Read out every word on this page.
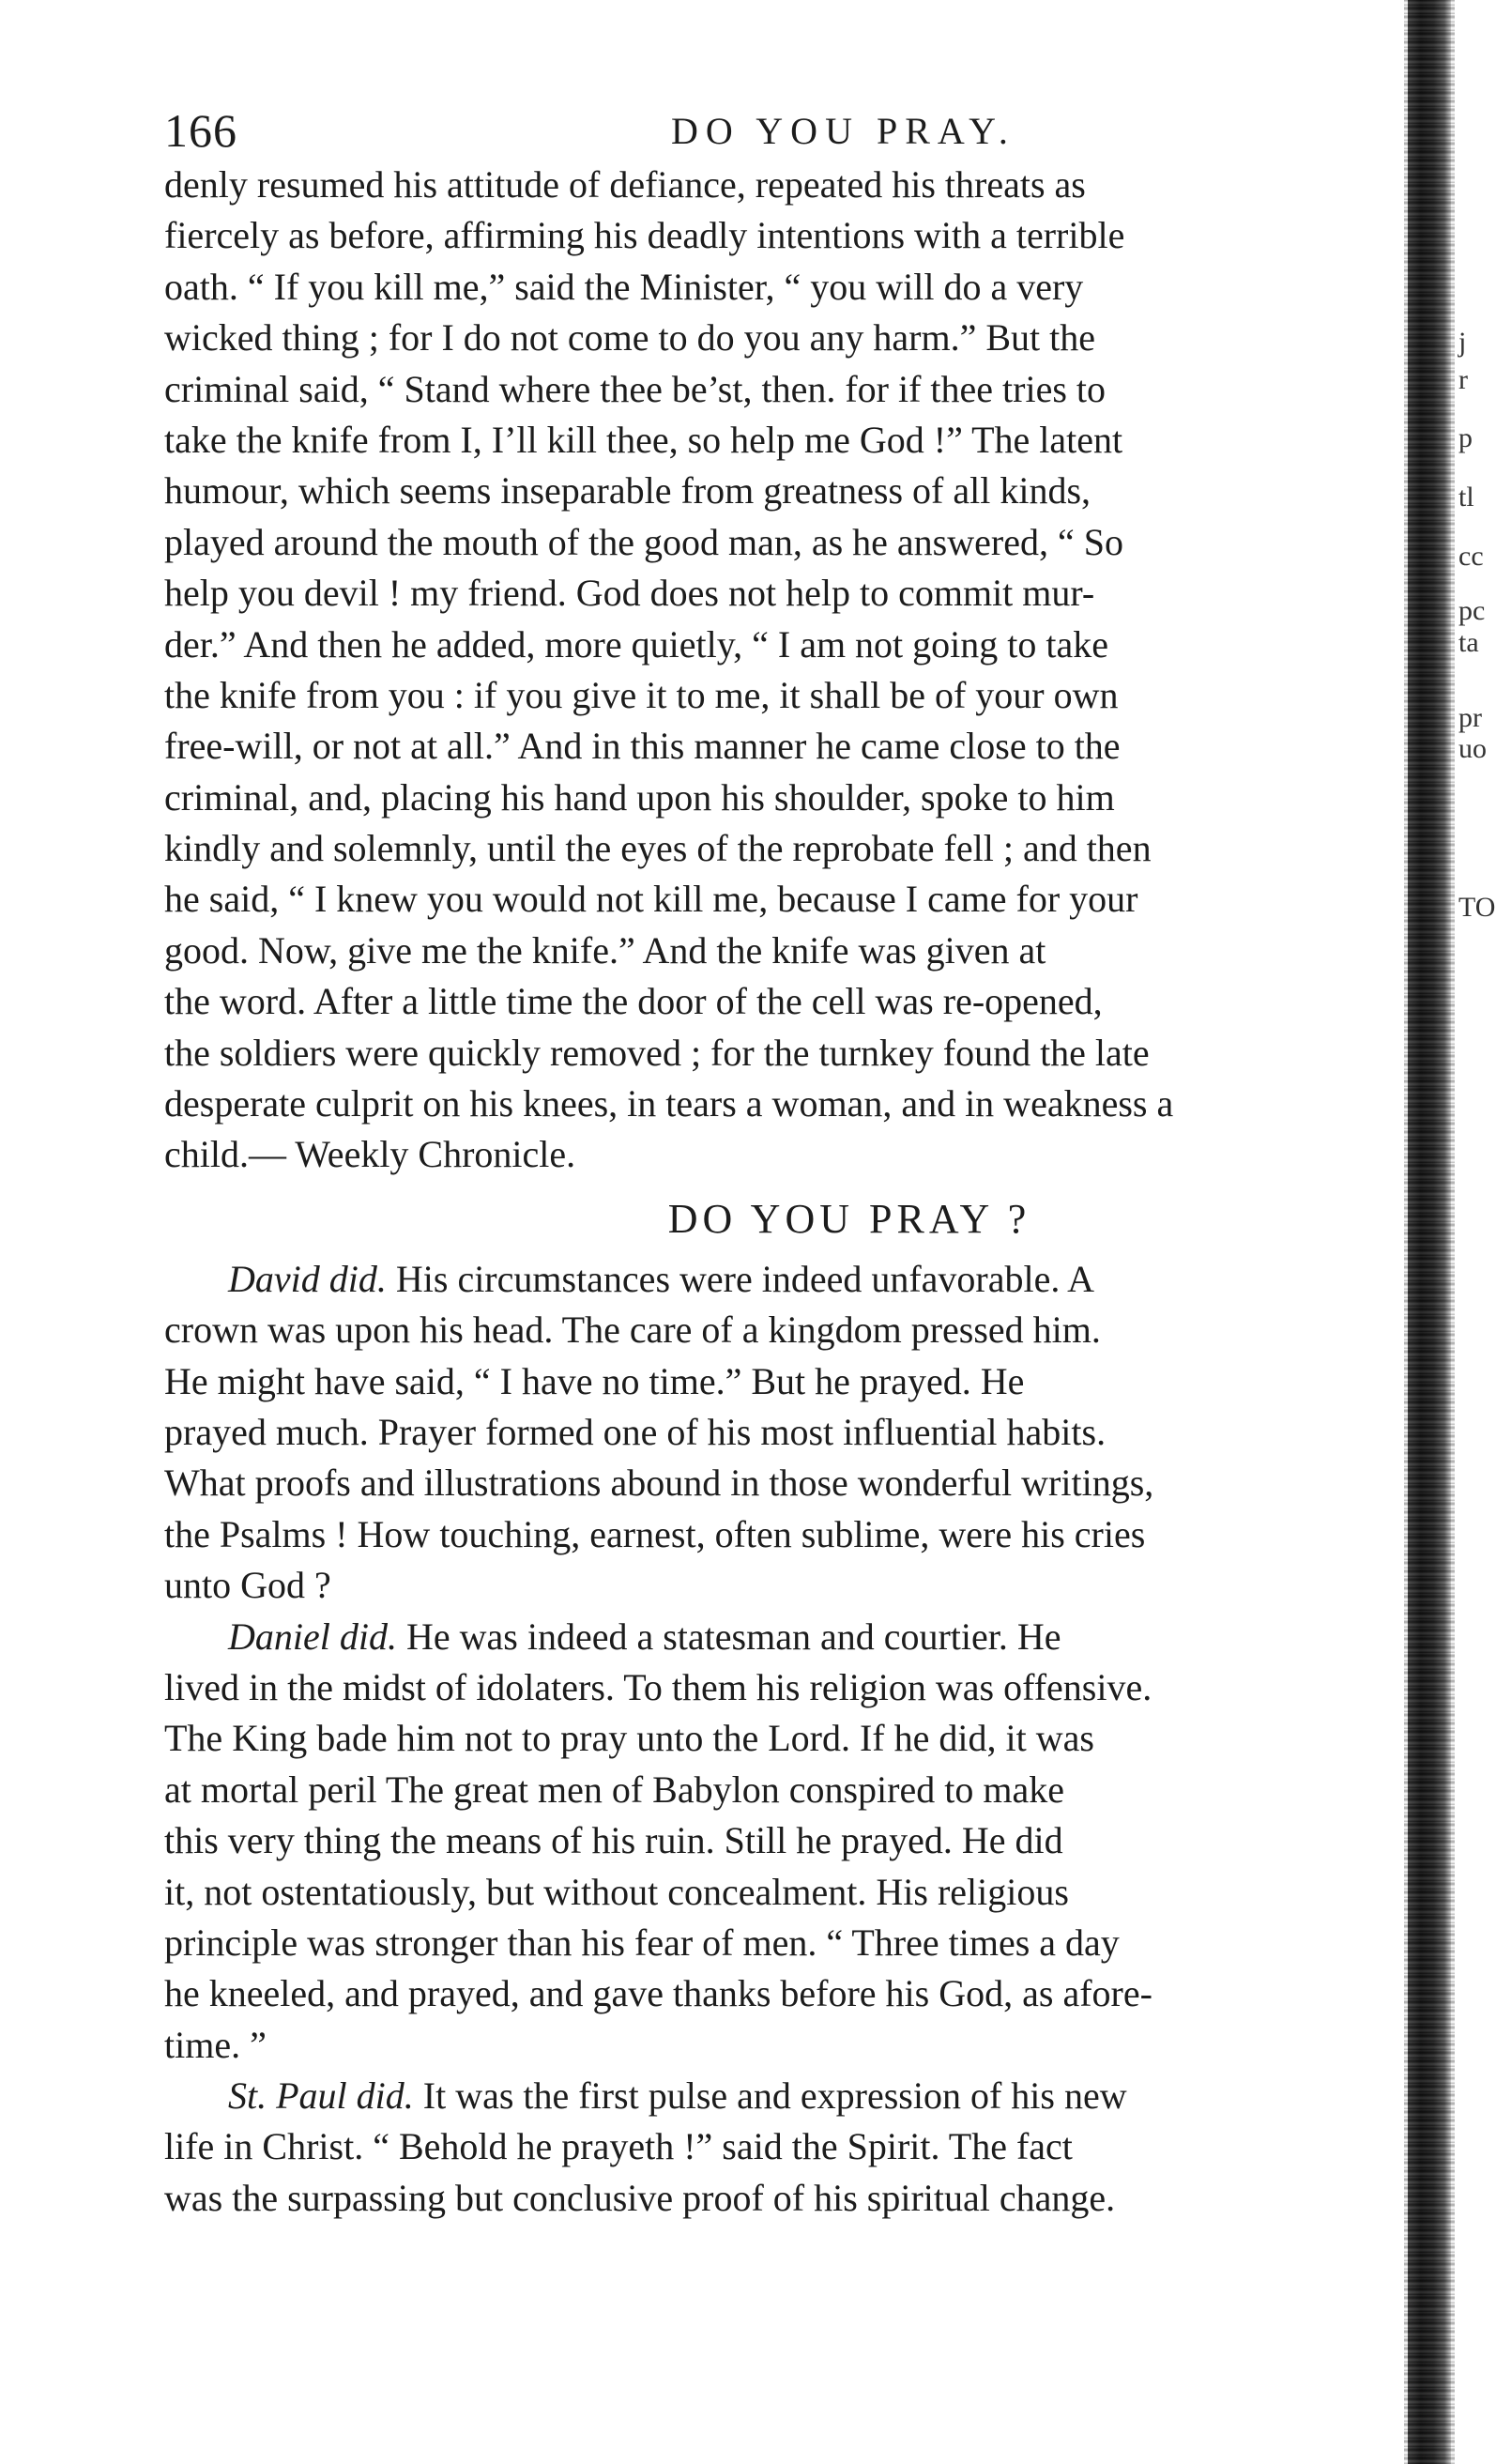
j
r
p
tl
cc
pc
ta
pr
uo
TO
166	DO YOU PRAY.
denly resumed his attitude of defiance, repeated his threats as
fiercely as before, affirming his deadly intentions with a terrible
oath. “ If you kill me,” said the Minister, “ you will do a very
wicked thing ; for I do not come to do you any harm.” But the
criminal said, “ Stand where thee be’st, then. for if thee tries to
take the knife from I, I’ll kill thee, so help me God !” The latent
humour, which seems inseparable from greatness of all kinds,
played around the mouth of the good man, as he answered, “ So
help you devil ! my friend. God does not help to commit mur-
der.” And then he added, more quietly, “ I am not going to take
the knife from you : if you give it to me, it shall be of your own
free-will, or not at all.” And in this manner he came close to the
criminal, and, placing his hand upon his shoulder, spoke to him
kindly and solemnly, until the eyes of the reprobate fell ; and then
he said, “ I knew you would not kill me, because I came for your
good. Now, give me the knife.” And the knife was given at
the word. After a little time the door of the cell was re-opened,
the soldiers were quickly removed ; for the turnkey found the late
desperate culprit on his knees, in tears a woman, and in weakness a
child.— Weekly Chronicle.
DO YOU PRAY ?
David did. His circumstances were indeed unfavorable. A
crown was upon his head. The care of a kingdom pressed him.
He might have said, “ I have no time.” But he prayed. He
prayed much. Prayer formed one of his most influential habits.
What proofs and illustrations abound in those wonderful writings,
the Psalms ! How touching, earnest, often sublime, were his cries
unto God ?
Daniel did. He was indeed a statesman and courtier. He
lived in the midst of idolaters. To them his religion was offensive.
The King bade him not to pray unto the Lord. If he did, it was
at mortal peril The great men of Babylon conspired to make
this very thing the means of his ruin. Still he prayed. He did
it, not ostentatiously, but without concealment. His religious
principle was stronger than his fear of men. “ Three times a day
he kneeled, and prayed, and gave thanks before his God, as afore-
time. ”
St. Paul did. It was the first pulse and expression of his new
life in Christ. “ Behold he prayeth !” said the Spirit. The fact
was the surpassing but conclusive proof of his spiritual change.
